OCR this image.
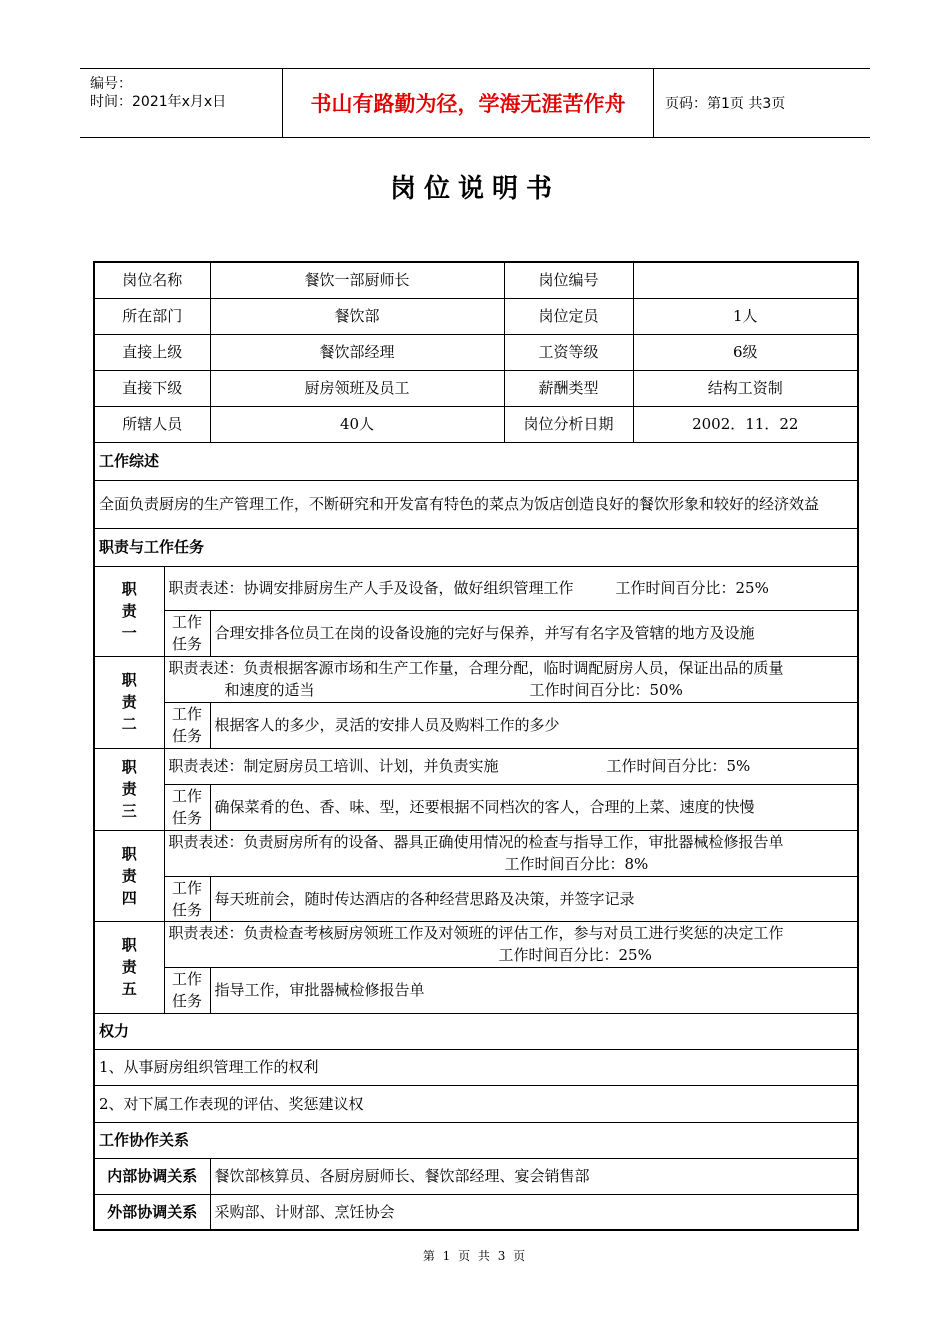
编号：
时间：2021年x月x日	书山有路勤为径，学海无涯苦作舟	页码：第1页 共3页
岗位说明书
岗位名称		餐饮一部厨师长	岗位编号	
所在部门		餐饮部	岗位定员	1人
直接上级		餐饮部经理	工资等级	6级
直接下级		厨房领班及员工	薪酬类型	结构工资制
所辖人员		40人	岗位分析日期	2002．11．22
工作综述				
全面负责厨房的生产管理工作，不断研究和开发富有特色的菜点为饭店创造良好的餐饮形象和较好的经济效益				
职责与工作任务				
职责一	职责表述：协调安排厨房生产人手及设备，做好组织管理工作 工作时间百分比：25%			
	工作任务	合理安排各位员工在岗的设备设施的完好与保养，并写有名字及管辖的地方及设施		
职责二	职责表述：负责根据客源市场和生产工作量，合理分配，临时调配厨房人员，保证出品的质量
和速度的适当 工作时间百分比：50%			
	工作任务	根据客人的多少，灵活的安排人员及购料工作的多少		
职责三	职责表述：制定厨房员工培训、计划，并负责实施 工作时间百分比：5%			
	工作任务	确保菜肴的色、香、味、型，还要根据不同档次的客人，合理的上菜、速度的快慢		
职责四	职责表述：负责厨房所有的设备、器具正确使用情况的检查与指导工作，审批器械检修报告单
工作时间百分比：8%			
	工作任务	每天班前会，随时传达酒店的各种经营思路及决策，并签字记录		
职责五	职责表述：负责检查考核厨房领班工作及对领班的评估工作，参与对员工进行奖惩的决定工作
工作时间百分比：25%			
	工作任务	指导工作，审批器械检修报告单		
权力				
1、从事厨房组织管理工作的权利				
2、对下属工作表现的评估、奖惩建议权				
工作协作关系				
内部协调关系		餐饮部核算员、各厨房厨师长、餐饮部经理、宴会销售部		
外部协调关系		采购部、计财部、烹饪协会		
第 1 页 共 3 页
